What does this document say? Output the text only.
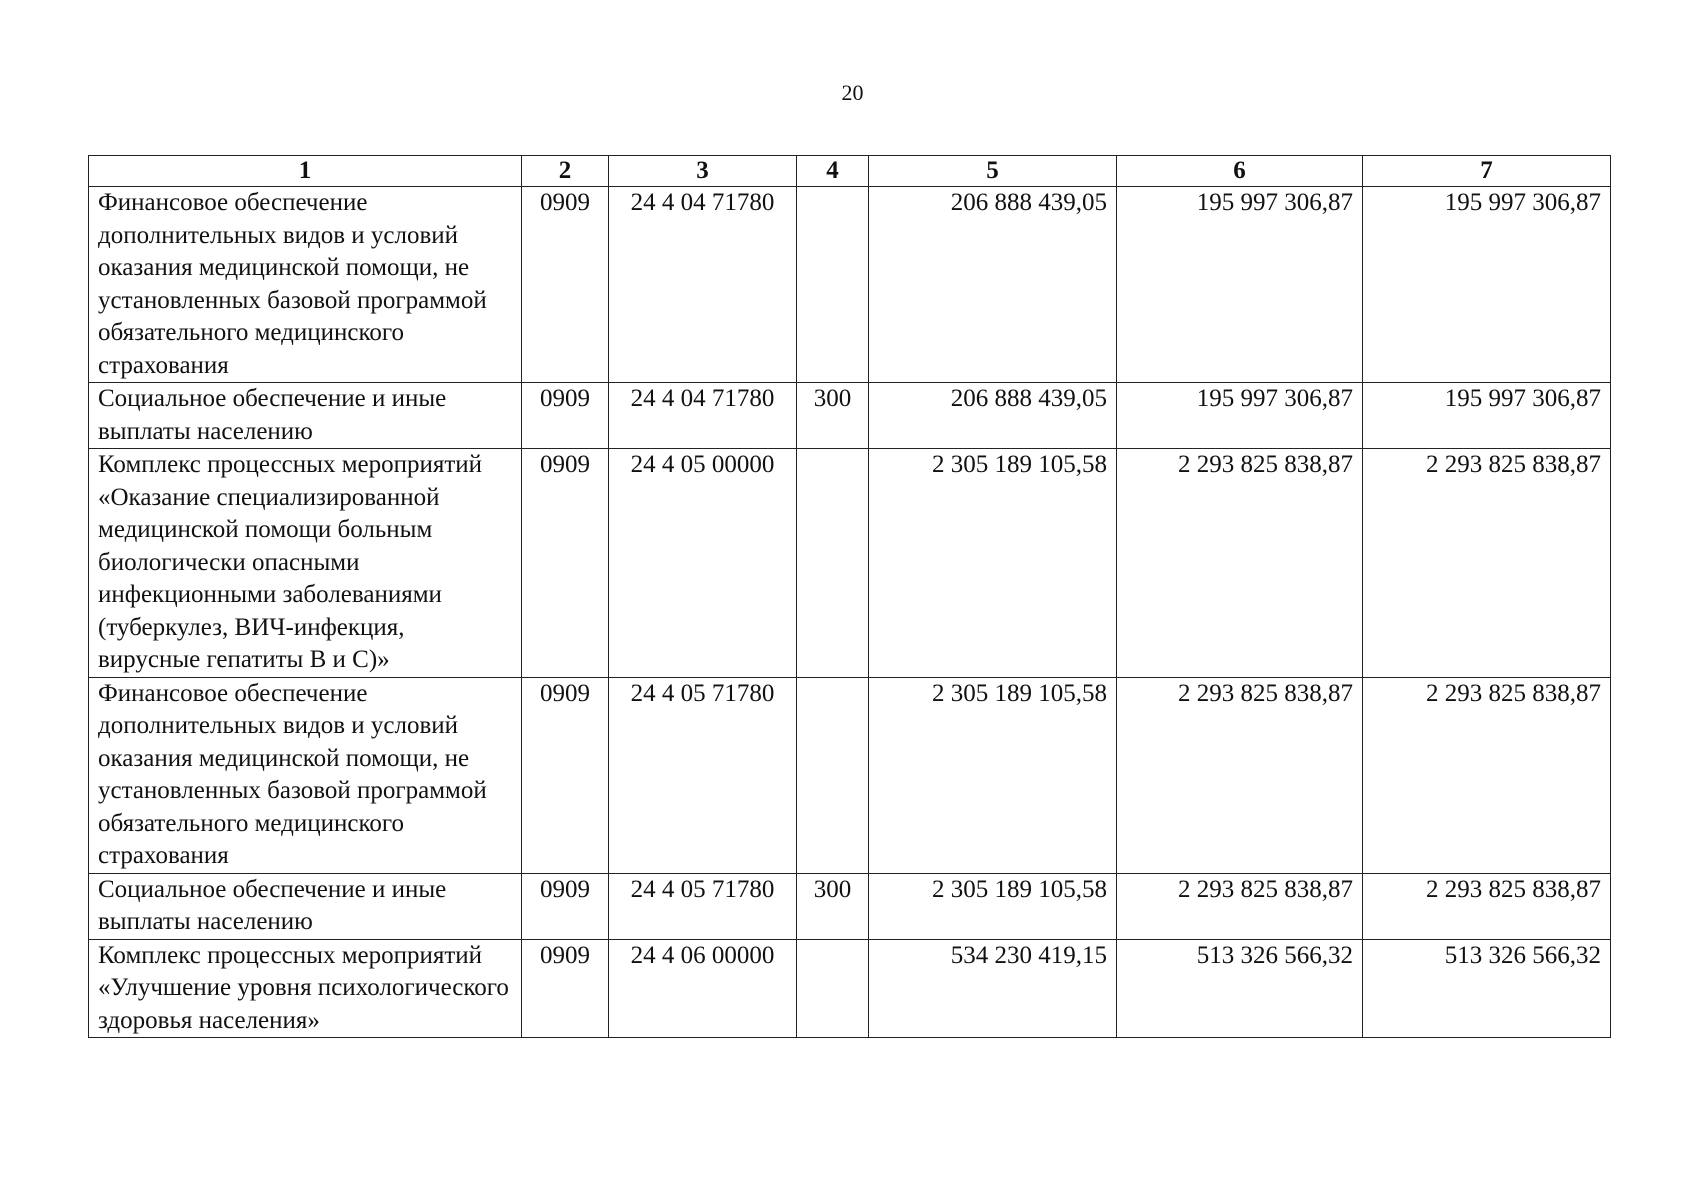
20
1	2	3	4	5	6	7
Финансовое обеспечение дополнительных видов и условий оказания медицинской помощи, не установленных базовой программой обязательного медицинского страхования	0909	24 4 04 71780		206 888 439,05	195 997 306,87	195 997 306,87
Социальное обеспечение и иные выплаты населению	0909	24 4 04 71780	300	206 888 439,05	195 997 306,87	195 997 306,87
Комплекс процессных мероприятий «Оказание специализированной медицинской помощи больным биологически опасными инфекционными заболеваниями (туберкулез, ВИЧ-инфекция, вирусные гепатиты В и С)»	0909	24 4 05 00000		2 305 189 105,58	2 293 825 838,87	2 293 825 838,87
Финансовое обеспечение дополнительных видов и условий оказания медицинской помощи, не установленных базовой программой обязательного медицинского страхования	0909	24 4 05 71780		2 305 189 105,58	2 293 825 838,87	2 293 825 838,87
Социальное обеспечение и иные выплаты населению	0909	24 4 05 71780	300	2 305 189 105,58	2 293 825 838,87	2 293 825 838,87
Комплекс процессных мероприятий «Улучшение уровня психологического здоровья населения»	0909	24 4 06 00000		534 230 419,15	513 326 566,32	513 326 566,32
